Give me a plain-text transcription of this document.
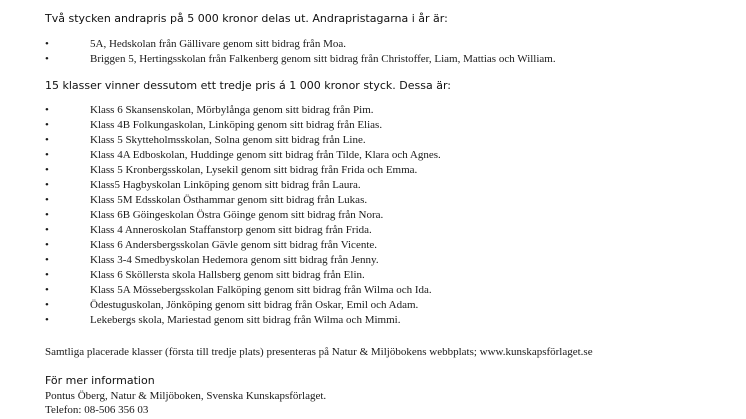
Två stycken andrapris på 5 000 kronor delas ut. Andrapristagarna i år är:
•	5A, Hedskolan från Gällivare genom sitt bidrag från Moa.
•	Briggen 5, Hertingsskolan från Falkenberg genom sitt bidrag från Christoffer, Liam, Mattias och William.
15 klasser vinner dessutom ett tredje pris á 1 000 kronor styck. Dessa är:
•	Klass 6 Skansenskolan, Mörbylånga genom sitt bidrag från Pim.
•	Klass 4B Folkungaskolan, Linköping genom sitt bidrag från Elias.
•	Klass 5 Skytteholmsskolan, Solna genom sitt bidrag från Line.
•	Klass 4A Edboskolan, Huddinge genom sitt bidrag från Tilde, Klara och Agnes.
•	Klass 5 Kronbergsskolan, Lysekil genom sitt bidrag från Frida och Emma.
•	Klass5 Hagbyskolan Linköping genom sitt bidrag från Laura.
•	Klass 5M Edsskolan Östhammar genom sitt bidrag från Lukas.
•	Klass 6B Göingeskolan Östra Göinge genom sitt bidrag från Nora.
•	Klass 4 Anneroskolan Staffanstorp genom sitt bidrag från Frida.
•	Klass 6 Andersbergsskolan Gävle genom sitt bidrag från Vicente.
•	Klass 3-4 Smedbyskolan Hedemora genom sitt bidrag från Jenny.
•	Klass 6 Sköllersta skola Hallsberg genom sitt bidrag från Elin.
•	Klass 5A Mössebergsskolan Falköping genom sitt bidrag från Wilma och Ida.
•	Ödestuguskolan, Jönköping genom sitt bidrag från Oskar, Emil och Adam.
•	Lekebergs skola, Mariestad genom sitt bidrag från Wilma och Mimmi.
Samtliga placerade klasser (första till tredje plats) presenteras på Natur & Miljöbokens webbplats; www.kunskapsförlaget.se
För mer information
Pontus Öberg, Natur & Miljöboken, Svenska Kunskapsförlaget.
Telefon: 08-506 356 03
